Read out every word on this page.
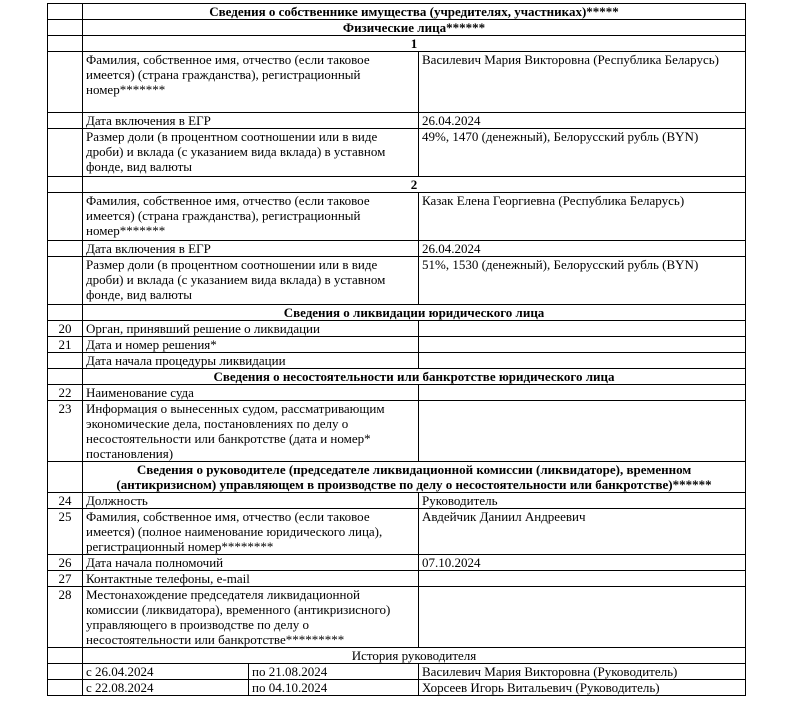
	Сведения о собственнике имущества (учредителях, участниках)*****		
	Физические лица******		
	1		
	Фамилия, собственное имя, отчество (если таковое имеется) (страна гражданства), регистрационный номер*******		Василевич Мария Викторовна (Республика Беларусь)
	Дата включения в ЕГР		26.04.2024
	Размер доли (в процентном соотношении или в виде дроби) и вклада (с указанием вида вклада) в уставном фонде, вид валюты		49%, 1470 (денежный), Белорусский рубль (BYN)
	2		
	Фамилия, собственное имя, отчество (если таковое имеется) (страна гражданства), регистрационный номер*******		Казак Елена Георгиевна (Республика Беларусь)
	Дата включения в ЕГР		26.04.2024
	Размер доли (в процентном соотношении или в виде дроби) и вклада (с указанием вида вклада) в уставном фонде, вид валюты		51%, 1530 (денежный), Белорусский рубль (BYN)
	Сведения о ликвидации юридического лица		
20	Орган, принявший решение о ликвидации		
21	Дата и номер решения*		
	Дата начала процедуры ликвидации		
	Сведения о несостоятельности или банкротстве юридического лица		
22	Наименование суда		
23	Информация о вынесенных судом, рассматривающим экономические дела, постановлениях по делу о несостоятельности или банкротстве (дата и номер* постановления)		
	Сведения о руководителе (председателе ликвидационной комиссии (ликвидаторе), временном (антикризисном) управляющем в производстве по делу о несостоятельности или банкротстве)******		
24	Должность		Руководитель
25	Фамилия, собственное имя, отчество (если таковое имеется) (полное наименование юридического лица), регистрационный номер********		Авдейчик Даниил Андреевич
26	Дата начала полномочий		07.10.2024
27	Контактные телефоны, e-mail		
28	Местонахождение председателя ликвидационной комиссии (ликвидатора), временного (антикризисного) управляющего в производстве по делу о несостоятельности или банкротстве*********		
	История руководителя		
	с 26.04.2024	по 21.08.2024	Василевич Мария Викторовна (Руководитель)
	с 22.08.2024	по 04.10.2024	Хорсеев Игорь Витальевич (Руководитель)
